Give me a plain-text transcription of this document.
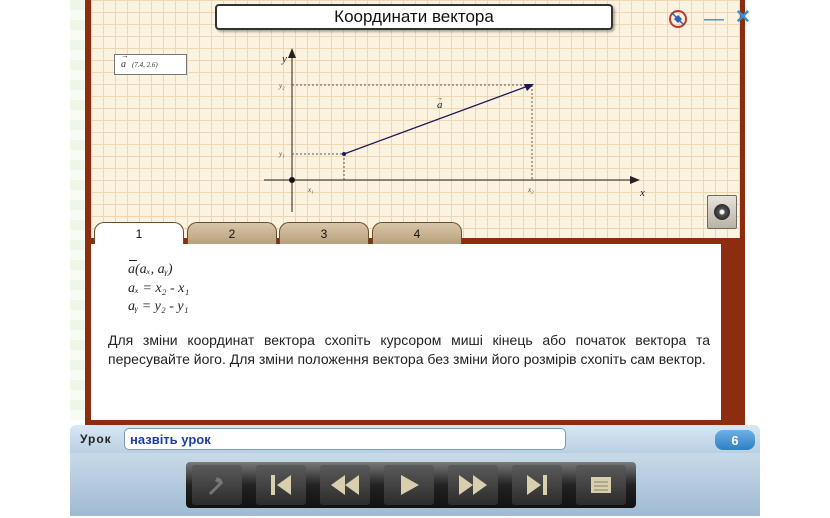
Координати вектора	— ✕
→ a (7.4, 2.6)
a
→
x
y
x₁	x₂
y₁
y₂
1	2	3	4
a(aₓ, aᵧ)
aₓ = x₂ - x₁
aᵧ = y₂ - y₁
Для зміни координат вектора схопіть курсором миші кінець або початок вектора та пересувайте його. Для зміни положення вектора без зміни його розмірів схопіть сам вектор.
Урок назвіть урок	6
